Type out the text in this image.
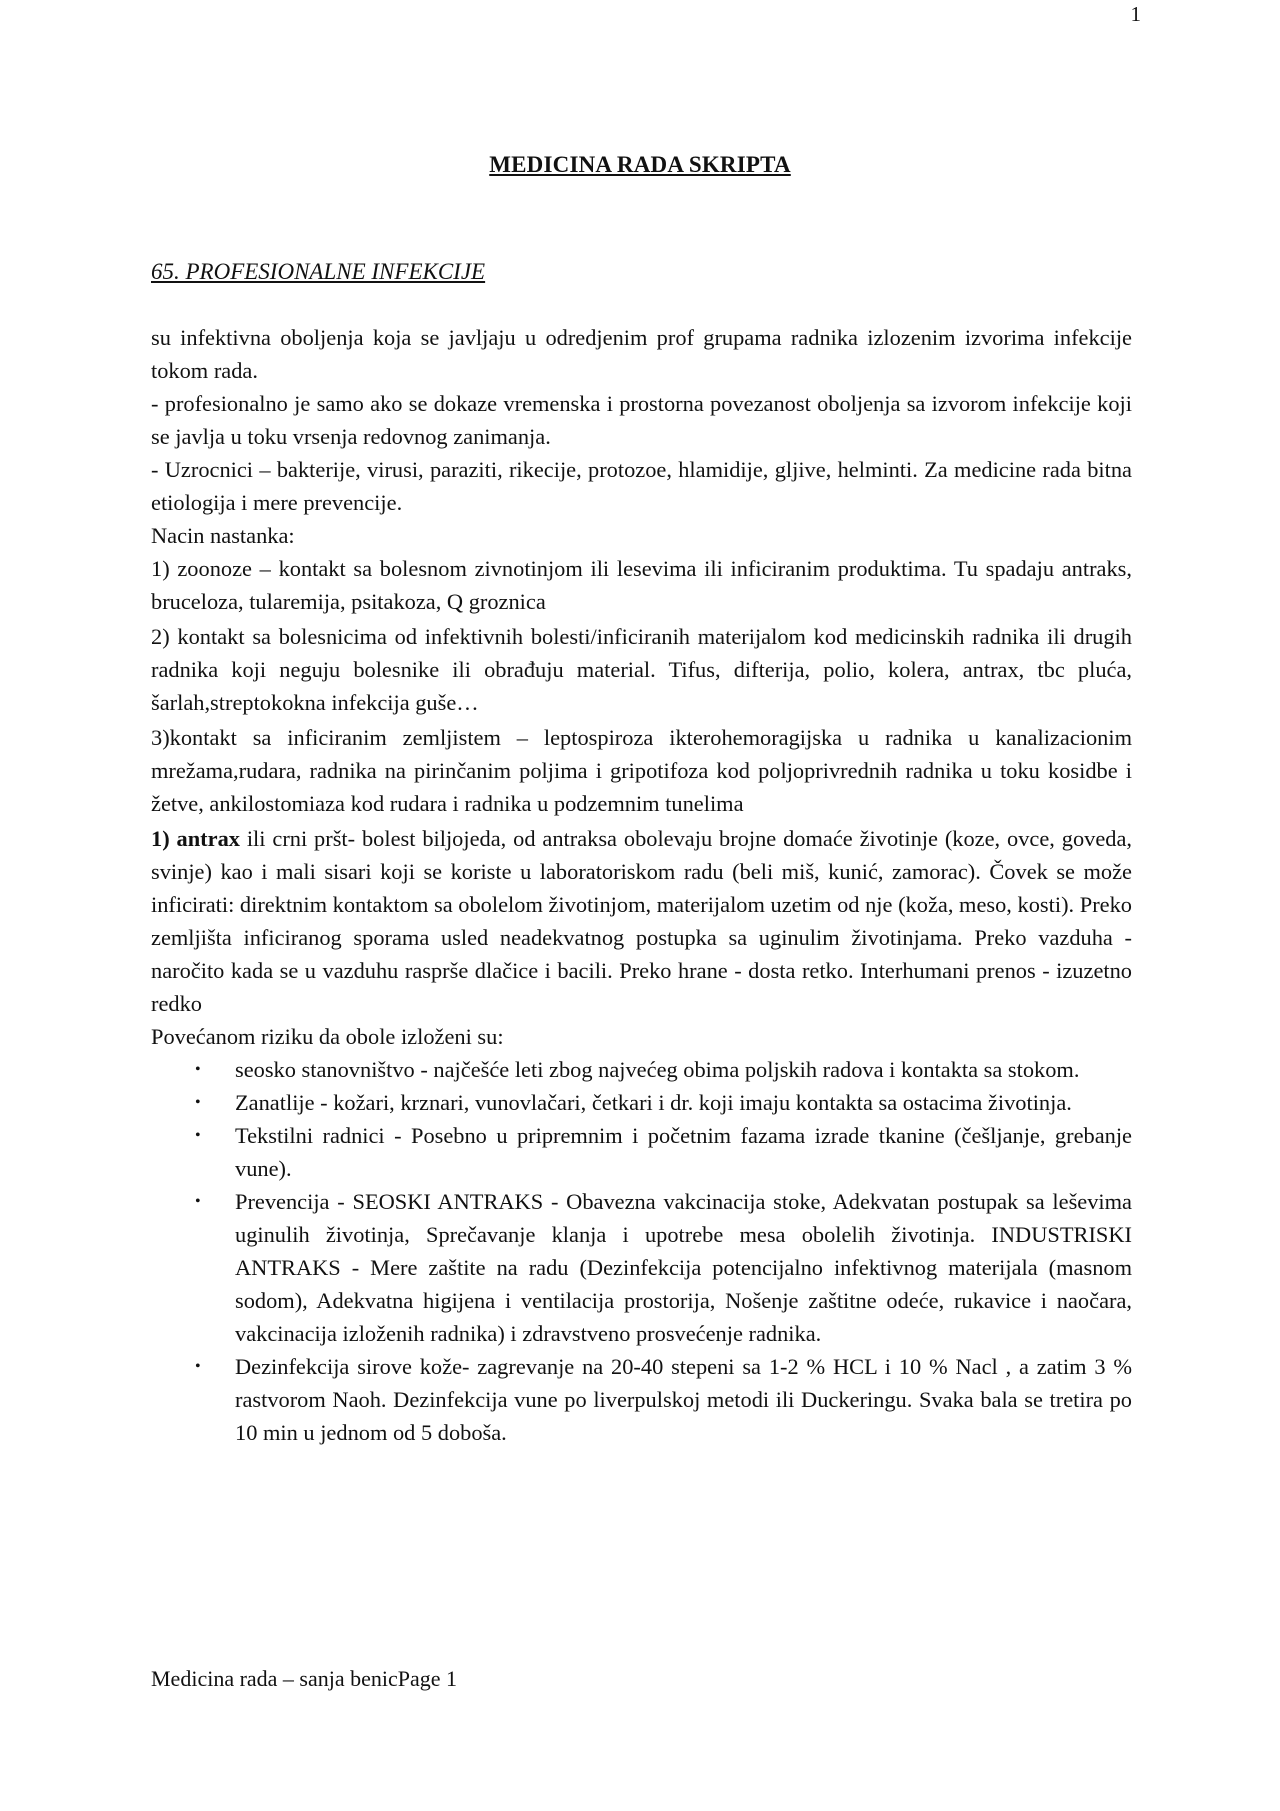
1
MEDICINA RADA SKRIPTA
65. PROFESIONALNE INFEKCIJE

su infektivna oboljenja koja se javljaju u odredjenim prof grupama radnika izlozenim izvorima infekcije tokom rada.

- profesionalno je samo ako se dokaze vremenska i prostorna povezanost oboljenja sa izvorom infekcije koji se javlja u toku vrsenja redovnog zanimanja.

- Uzrocnici – bakterije, virusi, paraziti, rikecije, protozoe, hlamidije, gljive, helminti. Za medicine rada bitna etiologija i mere prevencije.

Nacin nastanka:

1) zoonoze – kontakt sa bolesnom zivnotinjom ili lesevima ili inficiranim produktima. Tu spadaju antraks, bruceloza, tularemija, psitakoza, Q groznica

2) kontakt sa bolesnicima od infektivnih bolesti/inficiranih materijalom kod medicinskih radnika ili drugih radnika koji neguju bolesnike ili obrađuju material. Tifus, difterija, polio, kolera, antrax, tbc pluća, šarlah,streptokokna infekcija guše…

3)kontakt sa inficiranim zemljistem – leptospiroza ikterohemoragijska u radnika u kanalizacionim mrežama,rudara, radnika na pirinčanim poljima i gripotifoza kod poljoprivrednih radnika u toku kosidbe i žetve, ankilostomiaza kod rudara i radnika u podzemnim tunelima

1) antrax ili crni pršt- bolest biljojeda, od antraksa obolevaju brojne domaće životinje (koze, ovce, goveda, svinje) kao i mali sisari koji se koriste u laboratoriskom radu (beli miš, kunić, zamorac). Čovek se može inficirati: direktnim kontaktom sa obolelom životinjom, materijalom uzetim od nje (koža, meso, kosti). Preko zemljišta inficiranog sporama usled neadekvatnog postupka sa uginulim životinjama. Preko vazduha - naročito kada se u vazduhu raspršе dlačice i bacili. Preko hrane - dosta retko. Interhumani prenos - izuzetno redko

Povećanom riziku da obole izloženi su:

• seosko stanovništvo - najčešće leti zbog najvećeg obima poljskih radova i kontakta sa stokom.
• Zanatlije - kožari, krznari, vunovlačari, četkari i dr. koji imaju kontakta sa ostacima životinja.
• Tekstilni radnici - Posebno u pripremnim i početnim fazama izrade tkanine (češljanje, grebanje vune).
• Prevencija - SEOSKI ANTRAKS - Obavezna vakcinacija stoke, Adekvatan postupak sa leševima uginulih životinja, Sprečavanje klanja i upotrebe mesa obolelih životinja. INDUSTRISKI ANTRAKS - Mere zaštite na radu (Dezinfekcija potencijalno infektivnog materijala (masnom sodom), Adekvatna higijena i ventilacija prostorija, Nošenje zaštitne odeće, rukavice i naočara, vakcinacija izloženih radnika) i zdravstveno prosvećenje radnika.
• Dezinfekcija sirove kože- zagrevanje na 20-40 stepeni sa 1-2 % HCL i 10 % Nacl , a zatim 3 % rastvorom Naoh. Dezinfekcija vune po liverpulskoj metodi ili Duckeringu. Svaka bala se tretira po 10 min u jednom od 5 doboša.
Medicina rada – sanja benicPage 1
